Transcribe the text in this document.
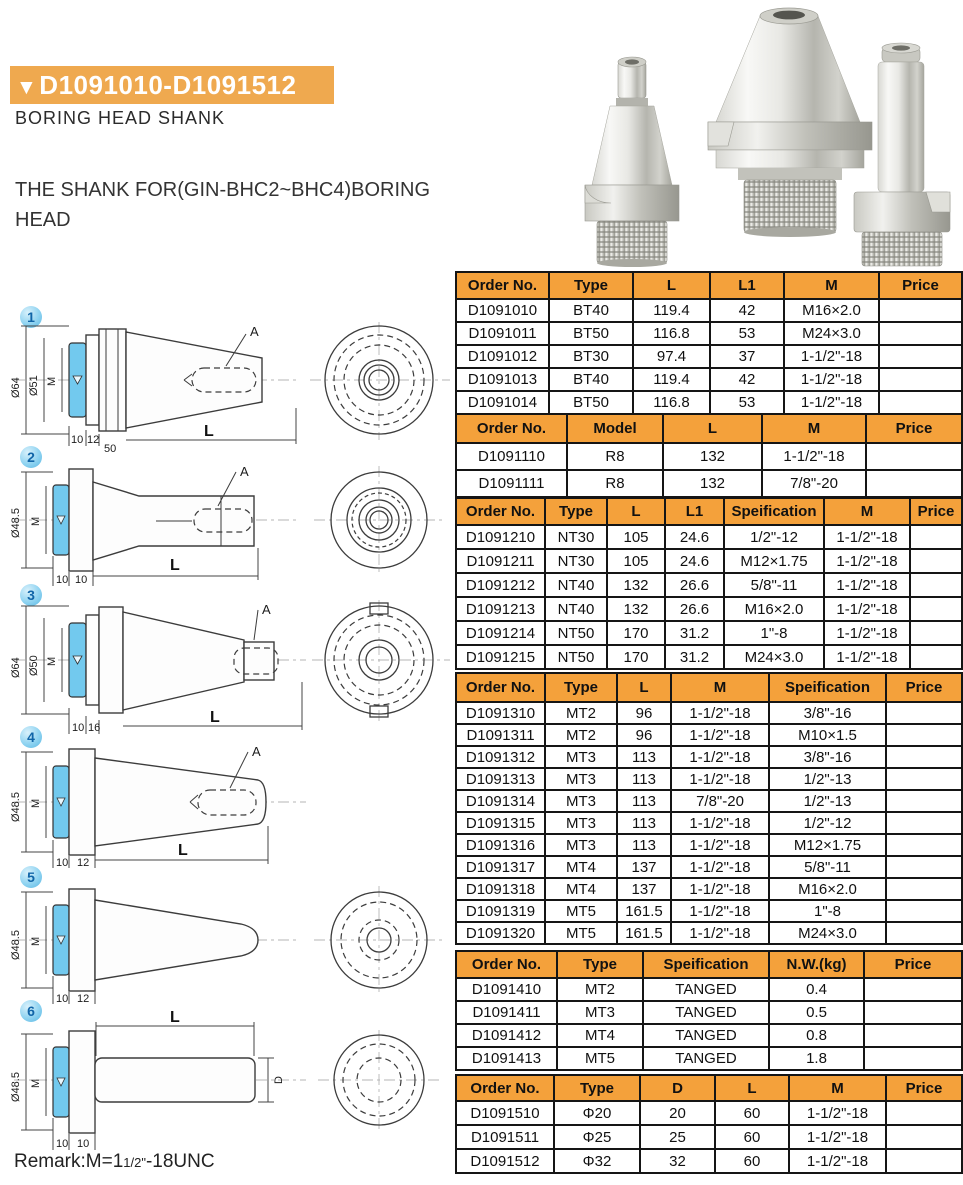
▼D1091010-D1091512
BORING HEAD SHANK
THE SHANK FOR(GIN-BHC2~BHC4)BORING
HEAD
1
Ø64 Ø51 M
A
10 12
50
L
2
Ø48.5 M
A
10 10
L
3
Ø64 Ø50 M
A
10 16
L
4
Ø48.5 M
A
10 12
L
5
Ø48.5 M
10 12
6	L
Ø48.5 M	D
10 10
Order No.	Type	L	L1	M	Price
D1091010	BT40	119.4	42	M16×2.0	
D1091011	BT50	116.8	53	M24×3.0	
D1091012	BT30	97.4	37	1-1/2"-18	
D1091013	BT40	119.4	42	1-1/2"-18	
D1091014	BT50	116.8	53	1-1/2"-18	
Order No.	Model	L	M	Price
D1091110	R8	132	1-1/2"-18	
D1091111	R8	132	7/8"-20	
Order No.	Type	L	L1	Speification	M	Price
D1091210	NT30	105	24.6	1/2"-12	1-1/2"-18	
D1091211	NT30	105	24.6	M12×1.75	1-1/2"-18	
D1091212	NT40	132	26.6	5/8"-11	1-1/2"-18	
D1091213	NT40	132	26.6	M16×2.0	1-1/2"-18	
D1091214	NT50	170	31.2	1"-8	1-1/2"-18	
D1091215	NT50	170	31.2	M24×3.0	1-1/2"-18	
Order No.	Type	L	M	Speification	Price
D1091310	MT2	96	1-1/2"-18	3/8"-16	
D1091311	MT2	96	1-1/2"-18	M10×1.5	
D1091312	MT3	113	1-1/2"-18	3/8"-16	
D1091313	MT3	113	1-1/2"-18	1/2"-13	
D1091314	MT3	113	7/8"-20	1/2"-13	
D1091315	MT3	113	1-1/2"-18	1/2"-12	
D1091316	MT3	113	1-1/2"-18	M12×1.75	
D1091317	MT4	137	1-1/2"-18	5/8"-11	
D1091318	MT4	137	1-1/2"-18	M16×2.0	
D1091319	MT5	161.5	1-1/2"-18	1"-8	
D1091320	MT5	161.5	1-1/2"-18	M24×3.0	
Order No.	Type	Speification	N.W.(kg)	Price
D1091410	MT2	TANGED	0.4	
D1091411	MT3	TANGED	0.5	
D1091412	MT4	TANGED	0.8	
D1091413	MT5	TANGED	1.8	
Order No.	Type	D	L	M	Price
D1091510	Φ20	20	60	1-1/2"-18	
D1091511	Φ25	25	60	1-1/2"-18	
D1091512	Φ32	32	60	1-1/2"-18	
Remark:M=11/2"-18UNC
